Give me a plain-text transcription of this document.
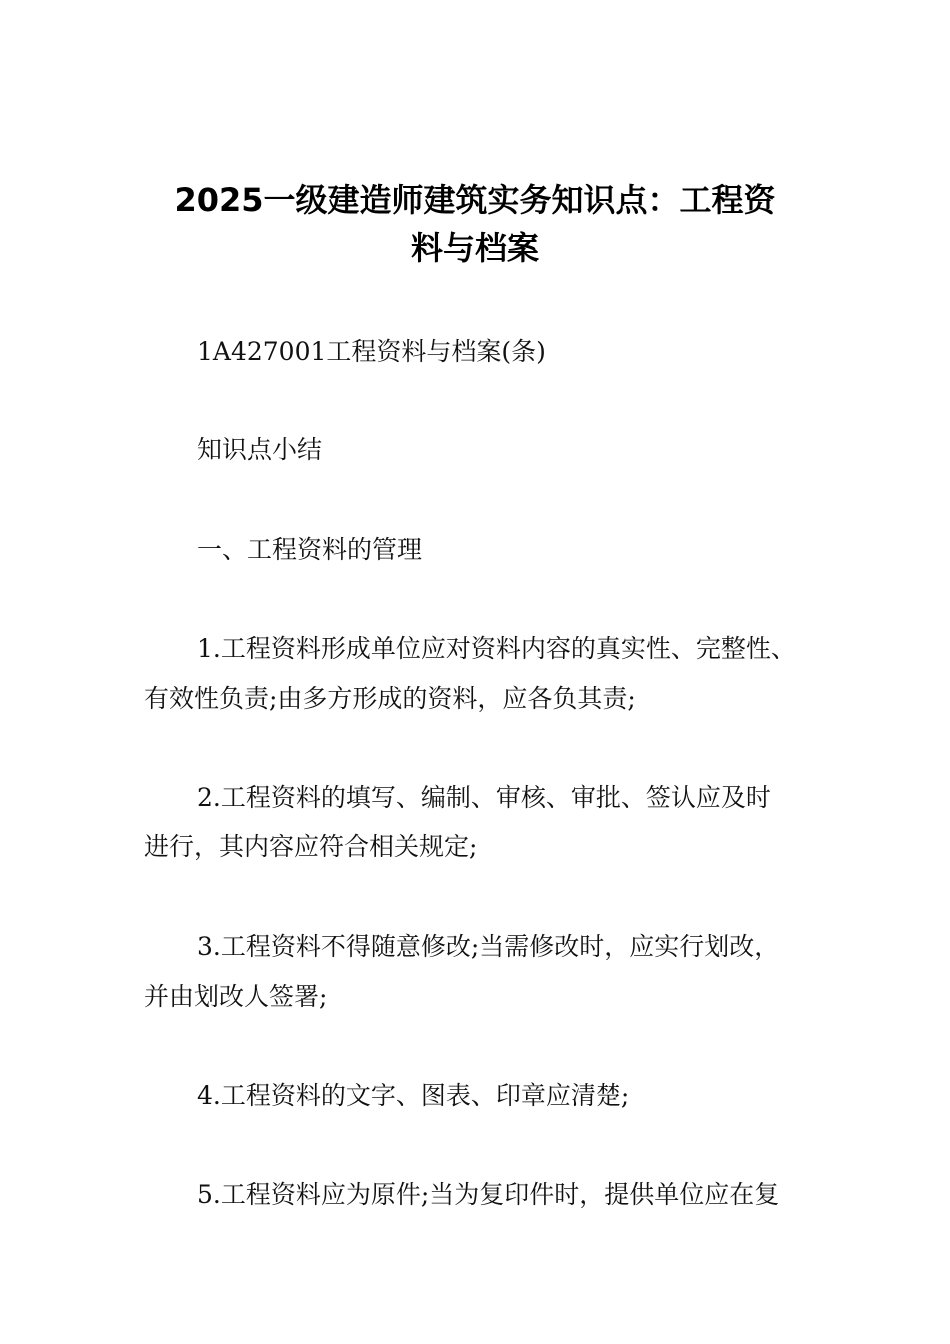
2025一级建造师建筑实务知识点：工程资
料与档案
1A427001工程资料与档案(条)
知识点小结
一、工程资料的管理
1.工程资料形成单位应对资料内容的真实性、完整性、
有效性负责;由多方形成的资料，应各负其责;
2.工程资料的填写、编制、审核、审批、签认应及时
进行，其内容应符合相关规定;
3.工程资料不得随意修改;当需修改时，应实行划改，
并由划改人签署;
4.工程资料的文字、图表、印章应清楚;
5.工程资料应为原件;当为复印件时，提供单位应在复
